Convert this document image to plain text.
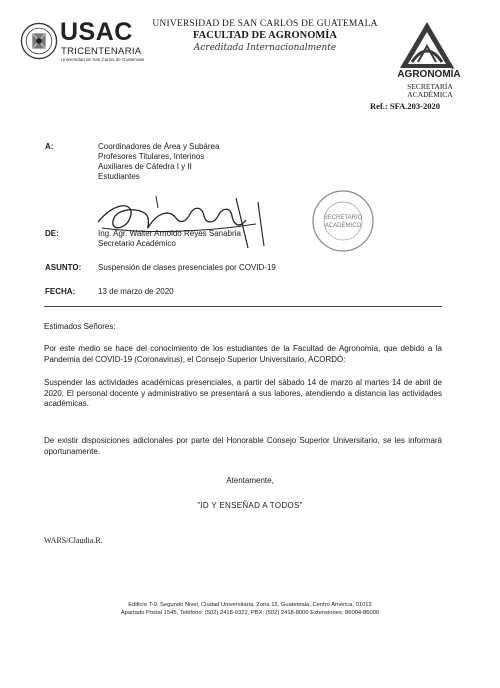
USAC
TRICENTENARIA
Universidad de San Carlos de Guatemala
UNIVERSIDAD DE SAN CARLOS DE GUATEMALA
FACULTAD DE AGRONOMÍA
Acreditada Internacionalmente
AGRONOMÍA
SECRETARÍA
ACADÉMICA
Ref.: SFA.203-2020
A:	Coordinadores de Área y Subárea
Profesores Titulares, Interinos
Auxiliares de Cátedra I y II
Estudiantes
SECRETARIO
ACADÉMICO
DE:	Ing. Agr. Walter Arnoldo Reyes Sanabria
Secretario Académico
ASUNTO: Suspensión de clases presenciales por COVID-19
FECHA:	13 de marzo de 2020
Estimados Señores:
Por este medio se hace del conocimiento de los estudiantes de la Facultad de Agronomía, que debido a la Pandemia del COVID-19 (Coronavirus), el Consejo Superior Universitario, ACORDÓ:
Suspender las actividades académicas presenciales, a partir del sábado 14 de marzo al martes 14 de abril de 2020. El personal docente y administrativo se presentará a sus labores, atendiendo a distancia las actividades académicas.
De existir disposiciones adicionales por parte del Honorable Consejo Superior Universitario, se les informará oportunamente.
Atentamente,
"ID Y ENSEÑAD A TODOS"
WARS/Claudia.R.
Edificio T-9, Segundo Nivel, Ciudad Universitaria, Zona 12, Guatemala, Centro América, 01012
Apartado Postal 1545, Teléfono: (502) 2418-9322, PBX: (502) 2418-8000 Extensiones: 86004-86006
